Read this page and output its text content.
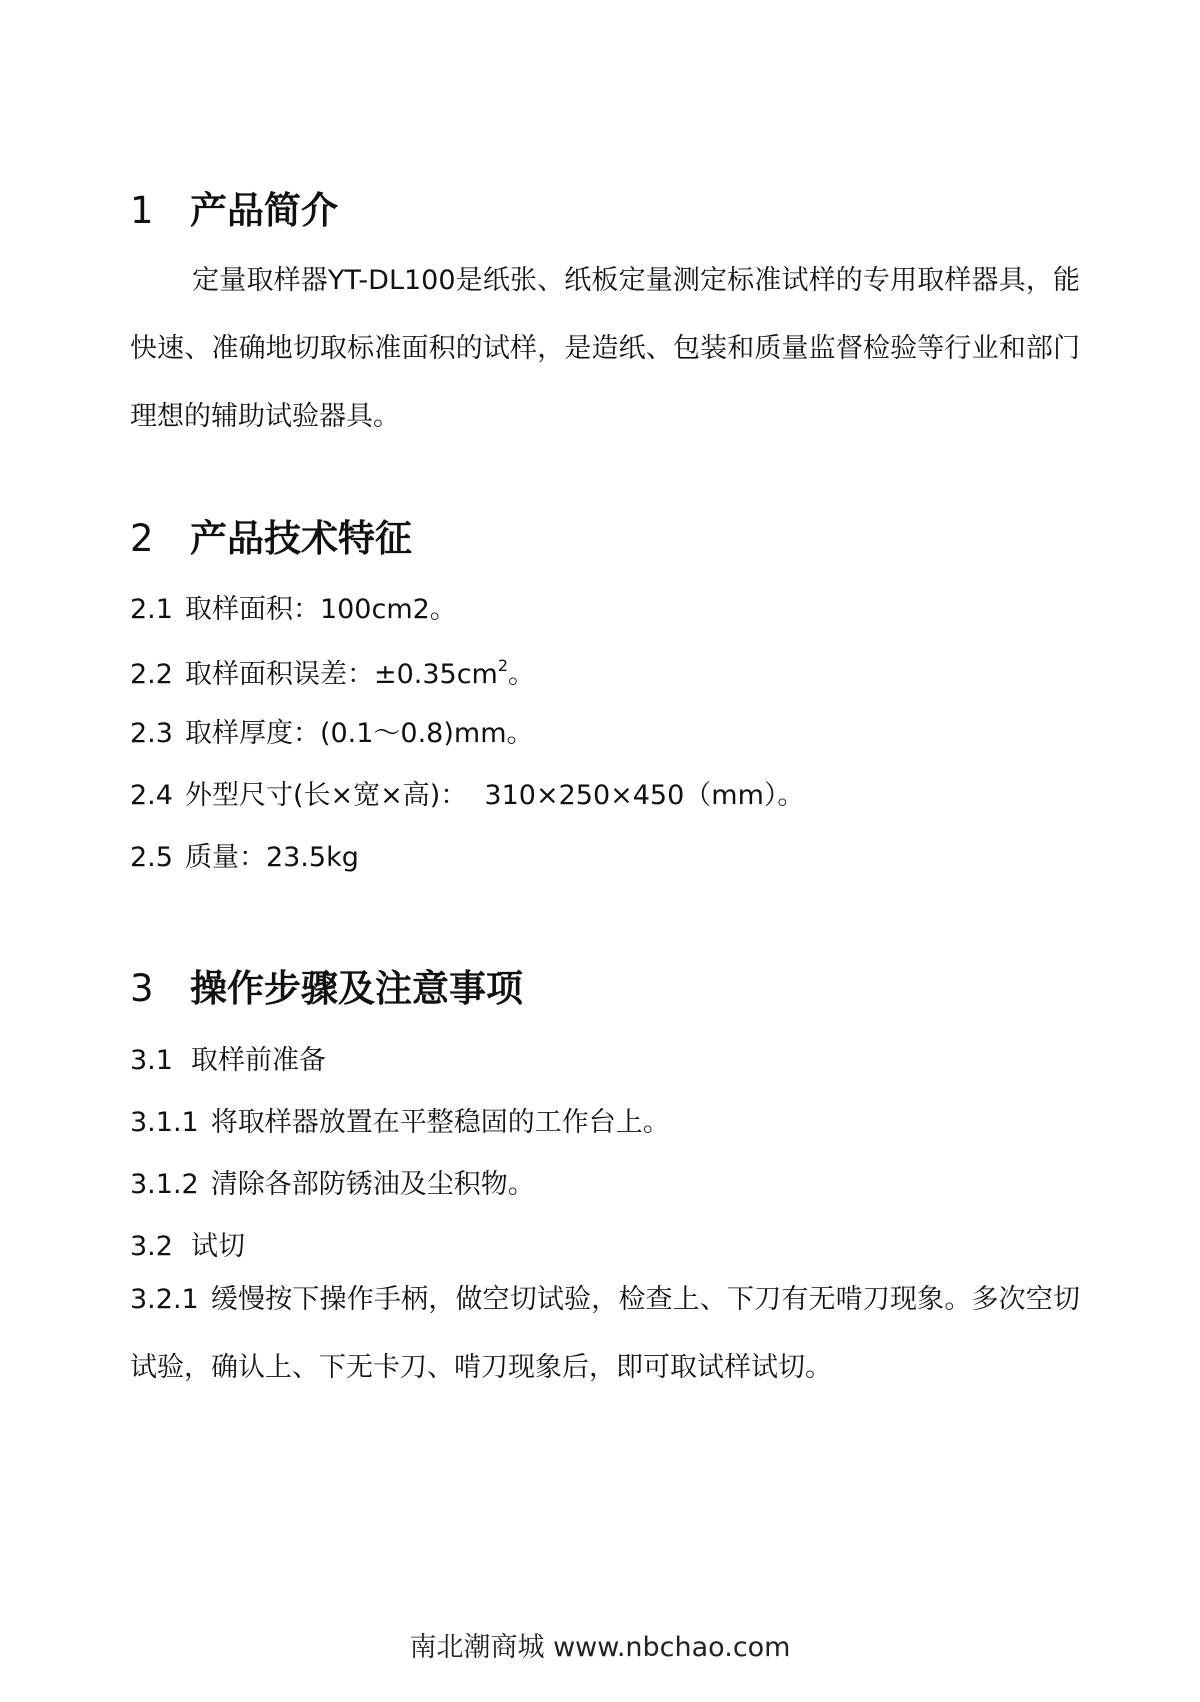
1 产品简介

定量取样器YT-DL100是纸张、纸板定量测定标准试样的专用取样器具，能快速、准确地切取标准面积的试样，是造纸、包装和质量监督检验等行业和部门理想的辅助试验器具。

2 产品技术特征
2.1 取样面积：100cm2。
2.2 取样面积误差：$\pm 0.35cm^2$。
2.3 取样厚度：(0.1～0.8)mm。
2.4 外型尺寸(长×宽×高)：  310×250×450（mm）。
2.5 质量：23.5kg
3 操作步骤及注意事项
3.1 取样前准备
3.1.1 将取样器放置在平整稳固的工作台上。
3.1.2 清除各部防锈油及尘积物。
3.2 试切

3.2.1 缓慢按下操作手柄，做空切试验，检查上、下刀有无啃刀现象。多次空切试验，确认上、下无卡刀、啃刀现象后，即可取试样试切。

南北潮商城 www.nbchao.com
